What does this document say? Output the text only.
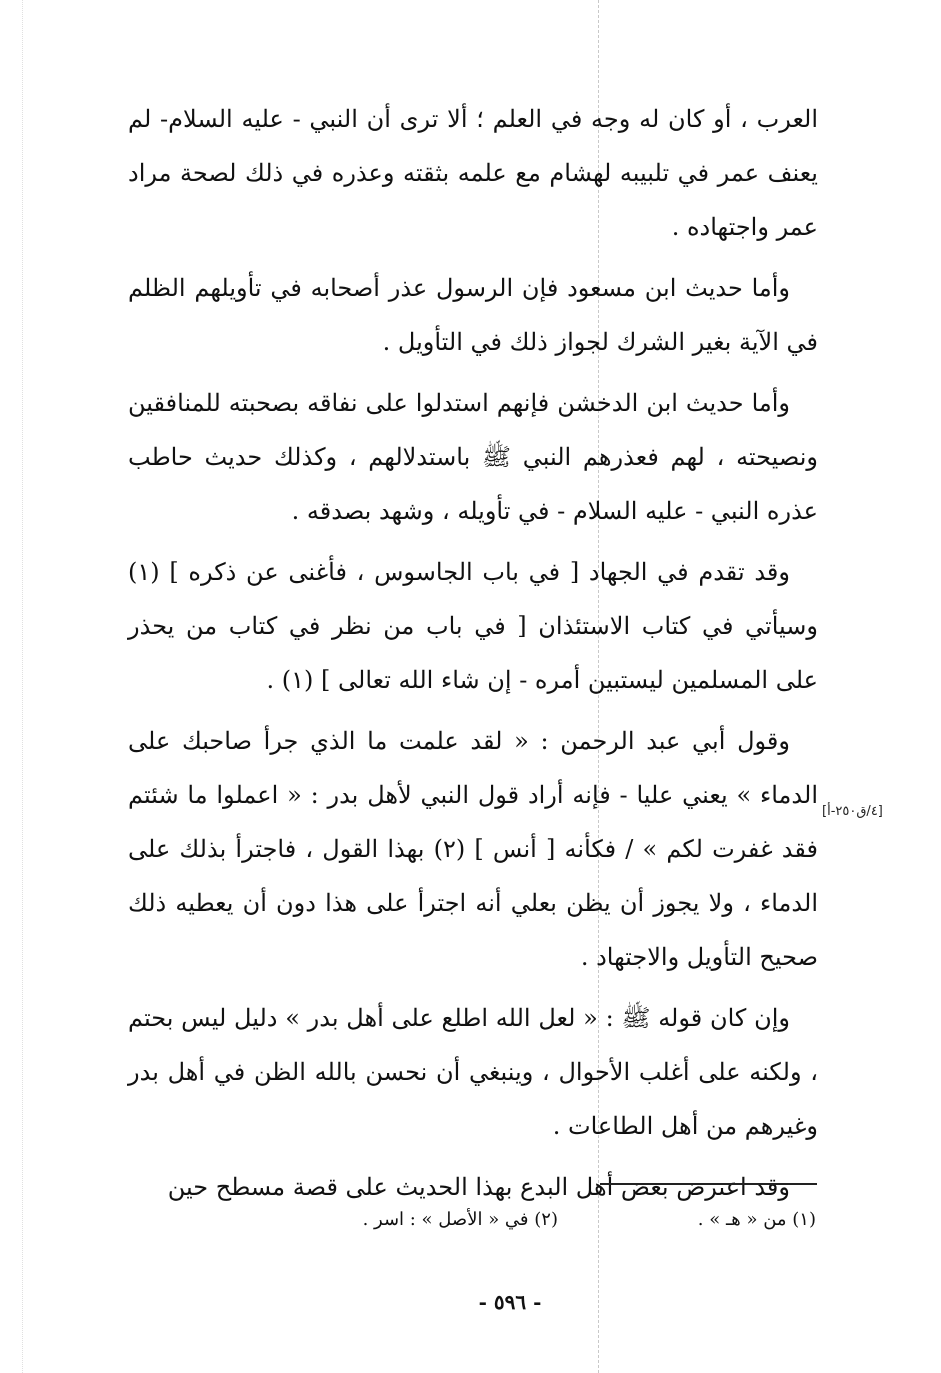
العرب ، أو كان له وجه في العلم ؛ ألا ترى أن النبي - عليه السلام- لم يعنف عمر في تلبيبه لهشام مع علمه بثقته وعذره في ذلك لصحة مراد عمر واجتهاده .

وأما حديث ابن مسعود فإن الرسول عذر أصحابه في تأويلهم الظلم في الآية بغير الشرك لجواز ذلك في التأويل .

وأما حديث ابن الدخشن فإنهم استدلوا على نفاقه بصحبته للمنافقين ونصيحته ، لهم فعذرهم النبي ﷺ باستدلالهم ، وكذلك حديث حاطب عذره النبي - عليه السلام - في تأويله ، وشهد بصدقه .

وقد تقدم في الجهاد [ في باب الجاسوس ، فأغنى عن ذكره ] (١) وسيأتي في كتاب الاستئذان [ في باب من نظر في كتاب من يحذر على المسلمين ليستبين أمره - إن شاء الله تعالى ] (١) .

وقول أبي عبد الرحمن : « لقد علمت ما الذي جرأ صاحبك على الدماء » يعني عليا - فإنه أراد قول النبي لأهل بدر : « اعملوا ما شئتم فقد غفرت لكم » / فكأنه [ أنس ] (٢) بهذا القول ، فاجترأ بذلك على الدماء ، ولا يجوز أن يظن بعلي أنه اجترأ على هذا دون أن يعطيه ذلك صحيح التأويل والاجتهاد .

وإن كان قوله ﷺ : « لعل الله اطلع على أهل بدر » دليل ليس بحتم ، ولكنه على أغلب الأحوال ، وينبغي أن نحسن بالله الظن في أهل بدر وغيرهم من أهل الطاعات .

وقد اعترض بعض أهل البدع بهذا الحديث على قصة مسطح حين

[٤/ق٢٥٠-أ]
(١) من « هـ » .
(٢) في « الأصل » : اسر .
- ٥٩٦ -
